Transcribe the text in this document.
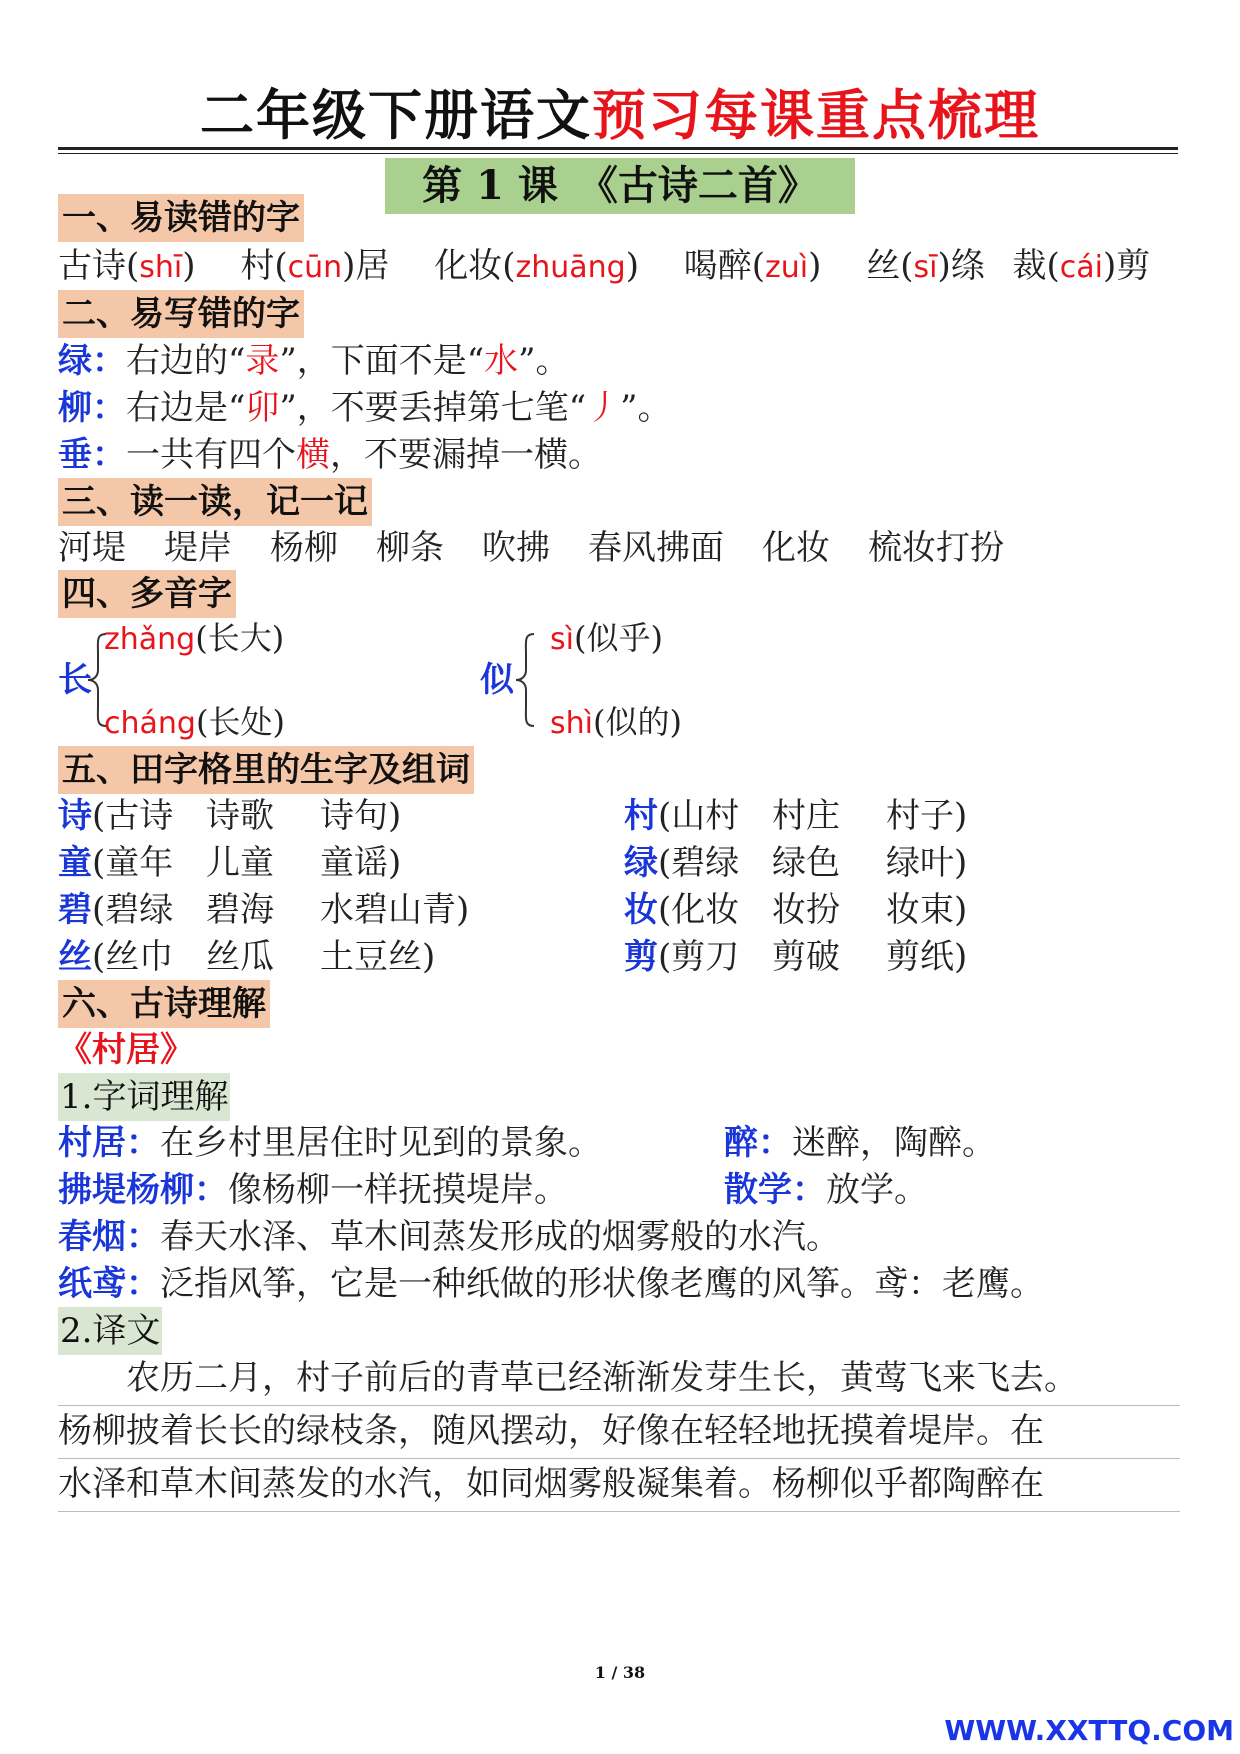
二年级下册语文预习每课重点梳理
第 1 课　《古诗二首》
一、易读错的字
古诗(shī)   村(cūn)居   化妆(zhuāng)   喝醉(zuì)   丝(sī)绦  裁(cái)剪
二、易写错的字
绿：右边的“录”，下面不是“水”。
柳：右边是“卯”，不要丢掉第七笔“丿”。
垂：一共有四个横，不要漏掉一横。
三、读一读，记一记
河堤 堤岸 杨柳 柳条 吹拂 春风拂面 化妆 梳妆打扮
四、多音字
长
zhǎng(长大)
cháng(长处)
似
sì(似乎)
shì(似的)
五、田字格里的生字及组词
诗(古诗 诗歌 诗句)
童(童年 儿童 童谣)
碧(碧绿 碧海 水碧山青)
丝(丝巾 丝瓜 土豆丝)
村(山村 村庄 村子)
绿(碧绿 绿色 绿叶)
妆(化妆 妆扮 妆束)
剪(剪刀 剪破 剪纸)
六、古诗理解
《村居》
1.字词理解
村居：在乡村里居住时见到的景象。	醉：迷醉，陶醉。
拂堤杨柳：像杨柳一样抚摸堤岸。	散学：放学。
春烟：春天水泽、草木间蒸发形成的烟雾般的水汽。
纸鸢：泛指风筝，它是一种纸做的形状像老鹰的风筝。鸢：老鹰。
2.译文
农历二月，村子前后的青草已经渐渐发芽生长，黄莺飞来飞去。
杨柳披着长长的绿枝条，随风摆动，好像在轻轻地抚摸着堤岸。在
水泽和草木间蒸发的水汽，如同烟雾般凝集着。杨柳似乎都陶醉在
1 / 38
WWW.XXTTQ.COM
